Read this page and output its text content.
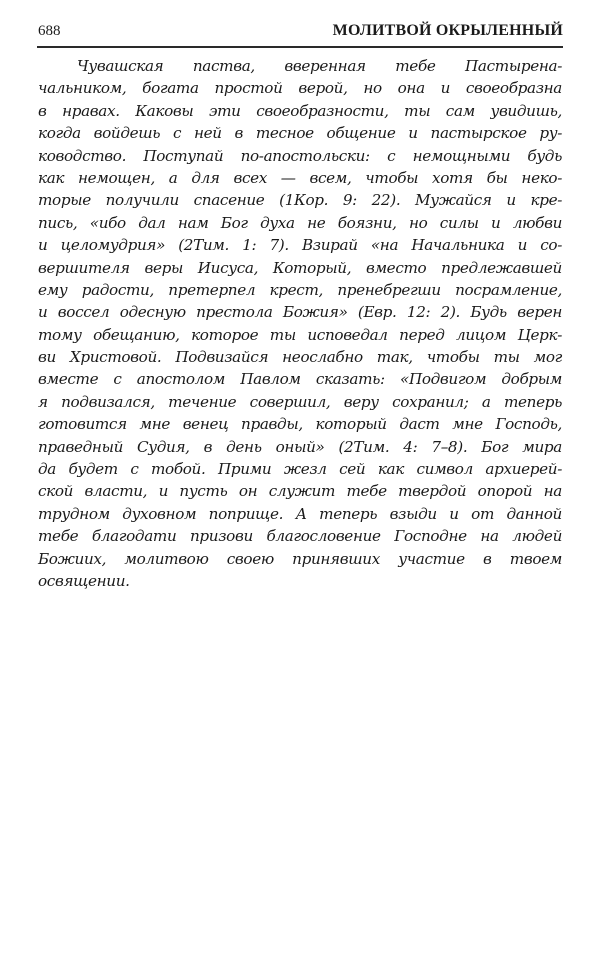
688	МОЛИТВОЙ ОКРЫЛЕННЫЙ
Чувашская паства, вверенная тебе Пастырена-
чальником, богата простой верой, но она и своеобразна
в нравах. Каковы эти своеобразности, ты сам увидишь,
когда войдешь с ней в тесное общение и пастырское ру-
ководство. Поступай по-апостольски: с немощными будь
как немощен, а для всех — всем, чтобы хотя бы неко-
торые получили спасение (1Кор. 9: 22). Мужайся и кре-
пись, «ибо дал нам Бог духа не боязни, но силы и любви
и целомудрия» (2Тим. 1: 7). Взирай «на Начальника и со-
вершителя веры Иисуса, Который, вместо предлежавшей
ему радости, претерпел крест, пренебрегши посрамление,
и воссел одесную престола Божия» (Евр. 12: 2). Будь верен
тому обещанию, которое ты исповедал перед лицом Церк-
ви Христовой. Подвизайся неослабно так, чтобы ты мог
вместе с апостолом Павлом сказать: «Подвигом добрым
я подвизался, течение совершил, веру сохранил; а теперь
готовится мне венец правды, который даст мне Господь,
праведный Судия, в день оный» (2Тим. 4: 7–8). Бог мира
да будет с тобой. Прими жезл сей как символ архиерей-
ской власти, и пусть он служит тебе твердой опорой на
трудном духовном поприще. А теперь взыди и от данной
тебе благодати призови благословение Господне на людей
Божиих, молитвою своею принявших участие в твоем
освящении.
